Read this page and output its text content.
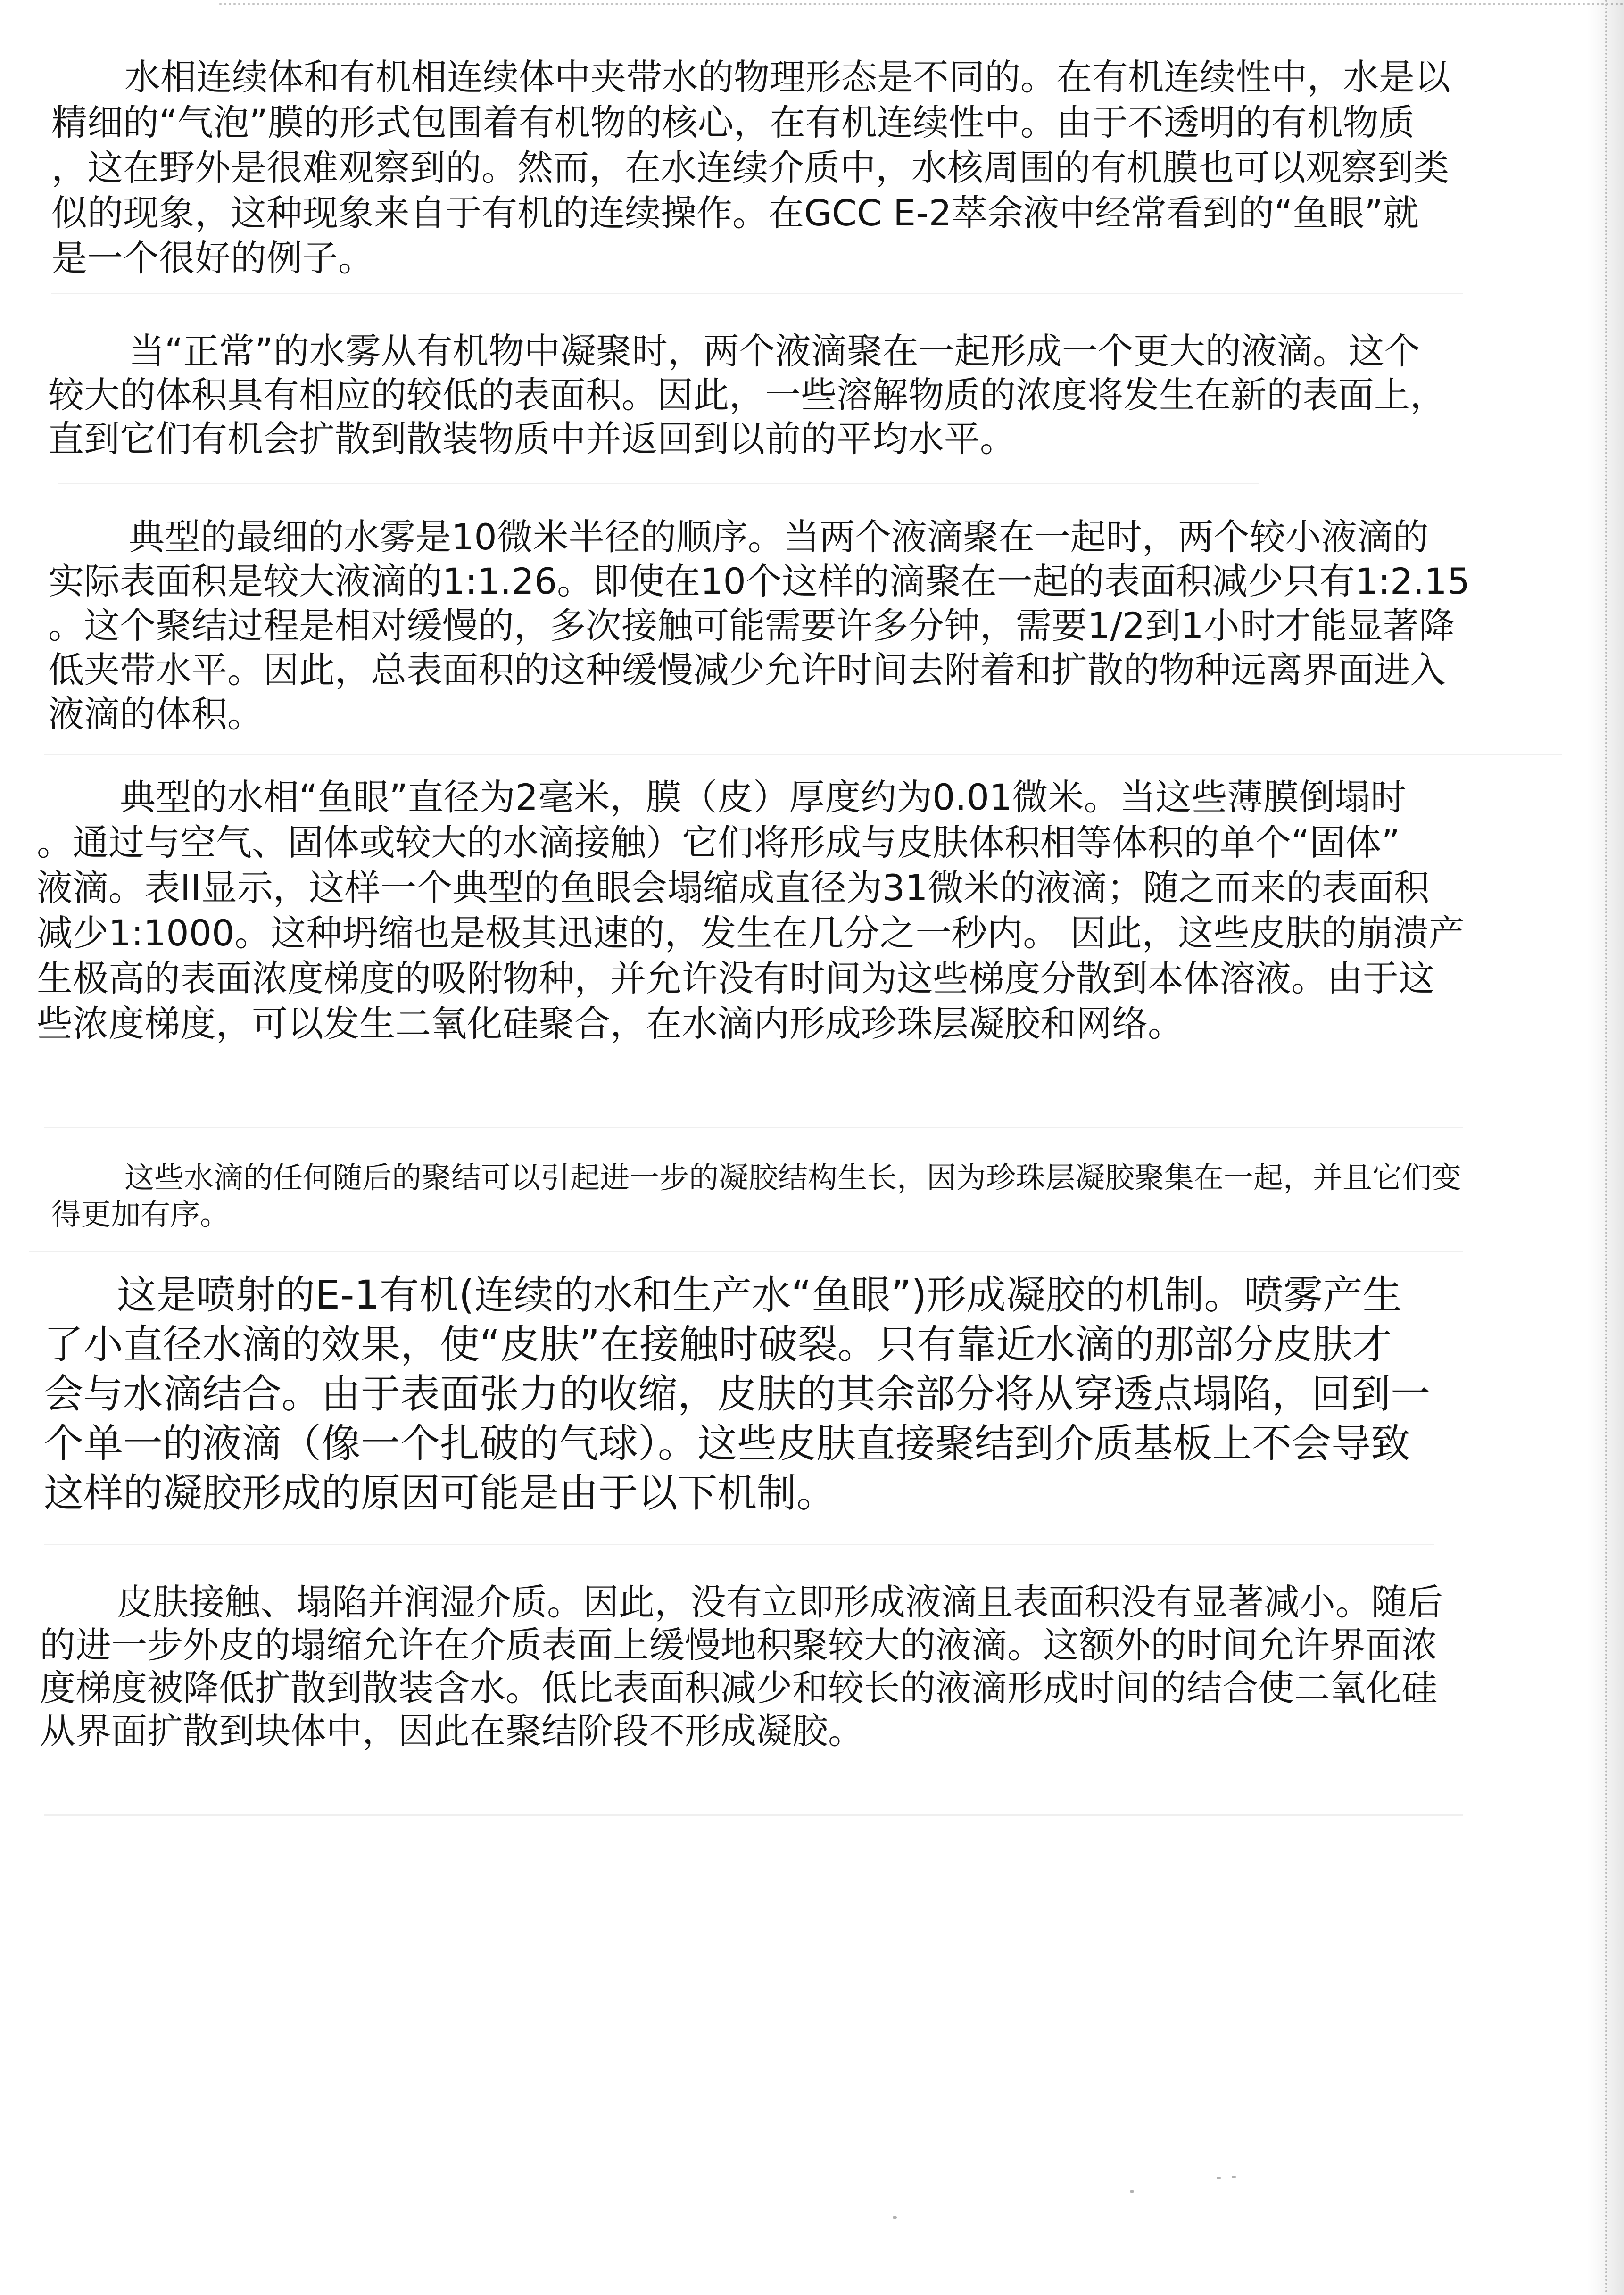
水相连续体和有机相连续体中夹带水的物理形态是不同的。在有机连续性中，水是以
精细的“气泡”膜的形式包围着有机物的核心，在有机连续性中。由于不透明的有机物质
，这在野外是很难观察到的。然而，在水连续介质中，水核周围的有机膜也可以观察到类
似的现象，这种现象来自于有机的连续操作。在GCC E-2萃余液中经常看到的“鱼眼”就
是一个很好的例子。
当“正常”的水雾从有机物中凝聚时，两个液滴聚在一起形成一个更大的液滴。这个
较大的体积具有相应的较低的表面积。因此，一些溶解物质的浓度将发生在新的表面上，
直到它们有机会扩散到散装物质中并返回到以前的平均水平。
典型的最细的水雾是10微米半径的顺序。当两个液滴聚在一起时，两个较小液滴的
实际表面积是较大液滴的1:1.26。即使在10个这样的滴聚在一起的表面积减少只有1:2.15
。这个聚结过程是相对缓慢的，多次接触可能需要许多分钟，需要1/2到1小时才能显著降
低夹带水平。因此，总表面积的这种缓慢减少允许时间去附着和扩散的物种远离界面进入
液滴的体积。
典型的水相“鱼眼”直径为2毫米，膜（皮）厚度约为0.01微米。当这些薄膜倒塌时
。通过与空气、固体或较大的水滴接触）它们将形成与皮肤体积相等体积的单个“固体”
液滴。表II显示，这样一个典型的鱼眼会塌缩成直径为31微米的液滴；随之而来的表面积
减少1:1000。这种坍缩也是极其迅速的，发生在几分之一秒内。 因此，这些皮肤的崩溃产
生极高的表面浓度梯度的吸附物种，并允许没有时间为这些梯度分散到本体溶液。由于这
些浓度梯度，可以发生二氧化硅聚合，在水滴内形成珍珠层凝胶和网络。
这些水滴的任何随后的聚结可以引起进一步的凝胶结构生长，因为珍珠层凝胶聚集在一起，并且它们变
得更加有序。
这是喷射的E-1有机(连续的水和生产水“鱼眼”)形成凝胶的机制。喷雾产生
了小直径水滴的效果，使“皮肤”在接触时破裂。只有靠近水滴的那部分皮肤才
会与水滴结合。由于表面张力的收缩，皮肤的其余部分将从穿透点塌陷，回到一
个单一的液滴（像一个扎破的气球）。这些皮肤直接聚结到介质基板上不会导致
这样的凝胶形成的原因可能是由于以下机制。
皮肤接触、塌陷并润湿介质。因此，没有立即形成液滴且表面积没有显著减小。随后
的进一步外皮的塌缩允许在介质表面上缓慢地积聚较大的液滴。这额外的时间允许界面浓
度梯度被降低扩散到散装含水。低比表面积减少和较长的液滴形成时间的结合使二氧化硅
从界面扩散到块体中，因此在聚结阶段不形成凝胶。
